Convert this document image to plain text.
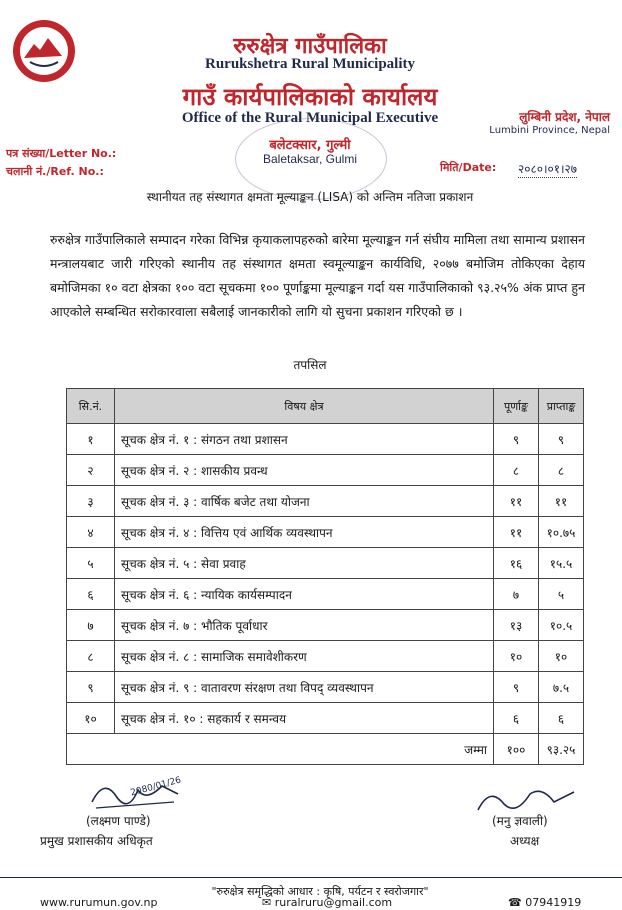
रुरुक्षेत्र गाउँपालिका
Rurukshetra Rural Municipality
गाउँ कार्यपालिकाको कार्यालय
Office of the Rural Municipal Executive
बलेटक्सार, गुल्मी
Baletaksar, Gulmi
लुम्बिनी प्रदेश, नेपाल
Lumbini Province, Nepal
पत्र संख्या/Letter No.:
चलानी नं./Ref. No.:	मिति/Date: २०८०।०१।२७
स्थानीयत तह संस्थागत क्षमता मूल्याङ्कन (LISA) को अन्तिम नतिजा प्रकाशन
रुरुक्षेत्र गाउँपालिकाले सम्पादन गरेका विभिन्न कृयाकलापहरुको बारेमा मूल्याङ्कन गर्न संघीय मामिला तथा सामान्य प्रशासन मन्त्रालयबाट जारी गरिएको स्थानीय तह संस्थागत क्षमता स्वमूल्याङ्कन कार्यविधि, २०७७ बमोजिम तोकिएका देहाय बमोजिमका १० वटा क्षेत्रका १०० वटा सूचकमा १०० पूर्णाङ्कमा मूल्याङ्कन गर्दा यस गाउँपालिकाको ९३.२५% अंक प्राप्त हुन आएकोले सम्बन्धित सरोकारवाला सबैलाई जानकारीको लागि यो सुचना प्रकाशन गरिएको छ ।
तपसिल
सि.नं.	विषय क्षेत्र	पूर्णाङ्क	प्राप्ताङ्क
१	सूचक क्षेत्र नं. १ : संगठन तथा प्रशासन	९	९
२	सूचक क्षेत्र नं. २ : शासकीय प्रवन्ध	८	८
३	सूचक क्षेत्र नं. ३ : वार्षिक बजेट तथा योजना	११	११
४	सूचक क्षेत्र नं. ४ : वित्तिय एवं आर्थिक व्यवस्थापन	११	१०.७५
५	सूचक क्षेत्र नं. ५ : सेवा प्रवाह	१६	१५.५
६	सूचक क्षेत्र नं. ६ : न्यायिक कार्यसम्पादन	७	५
७	सूचक क्षेत्र नं. ७ : भौतिक पूर्वाधार	१३	१०.५
८	सूचक क्षेत्र नं. ८ : सामाजिक समावेशीकरण	१०	१०
९	सूचक क्षेत्र नं. ९ : वातावरण संरक्षण तथा विपद् व्यवस्थापन	९	७.५
१०	सूचक क्षेत्र नं. १० : सहकार्य र समन्वय	६	६
जम्मा		१००	९३.२५
2080/01/26
(लक्ष्मण पाण्डे)
प्रमुख प्रशासकीय अधिकृत
(मनु ज्ञवाली)
अध्यक्ष
"रुरुक्षेत्र समृद्धिको आधार : कृषि, पर्यटन र स्वरोजगार"
www.rurumun.gov.np	✉ ruralruru@gmail.com	☎ 07941919
